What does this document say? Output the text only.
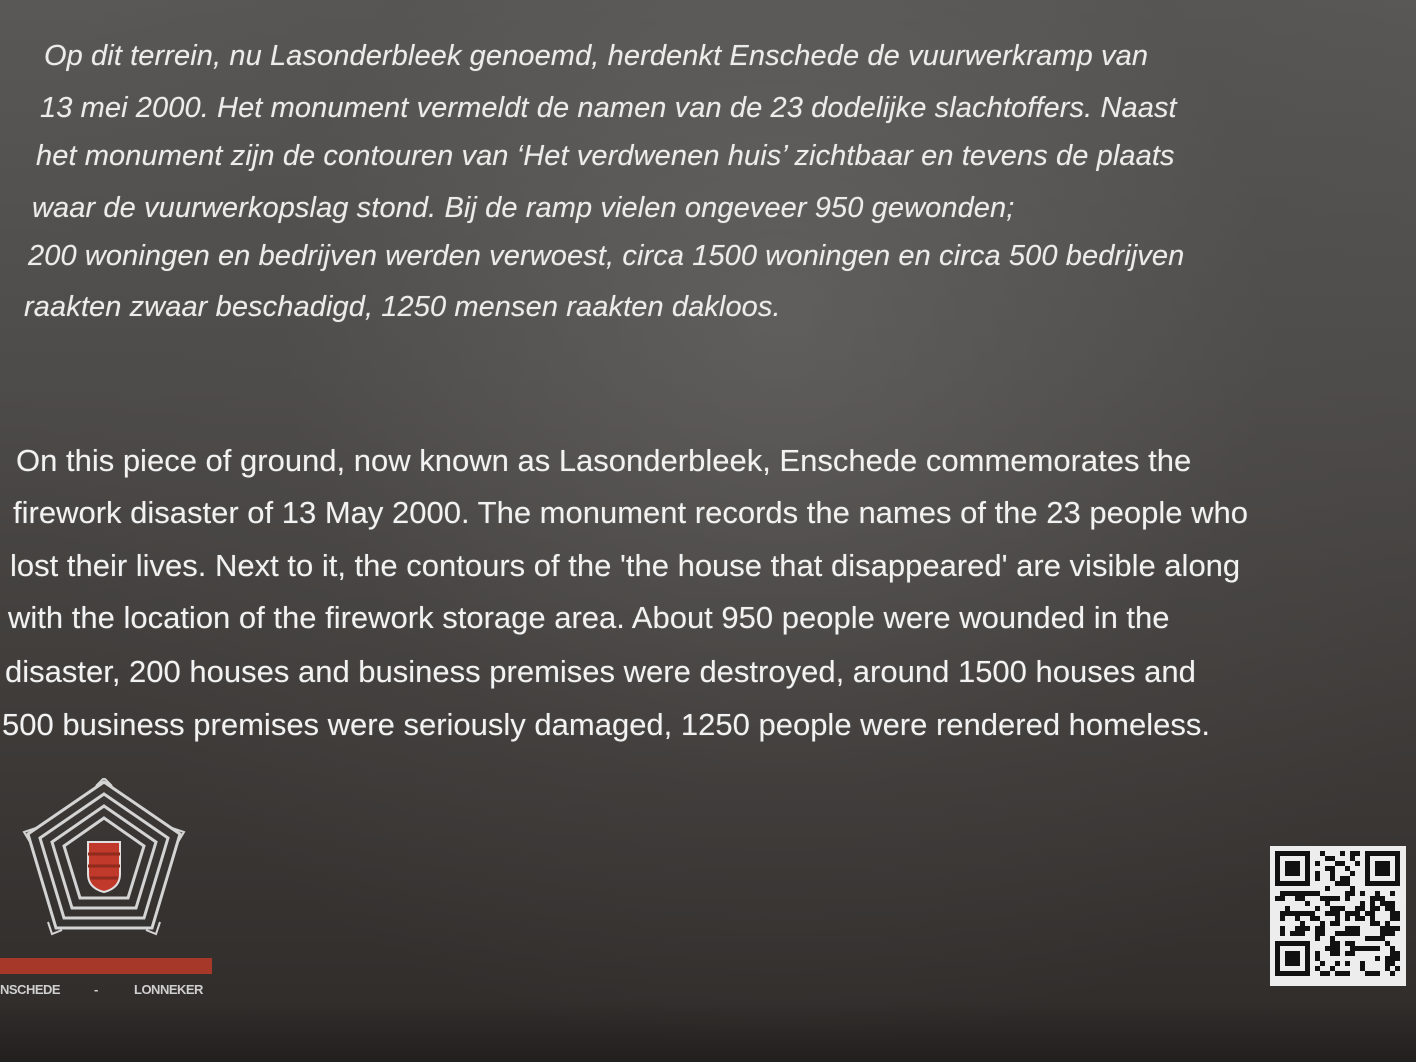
Op dit terrein, nu Lasonderbleek genoemd, herdenkt Enschede de vuurwerkramp van
13 mei 2000. Het monument vermeldt de namen van de 23 dodelijke slachtoffers. Naast
het monument zijn de contouren van ‘Het verdwenen huis’ zichtbaar en tevens de plaats
waar de vuurwerkopslag stond. Bij de ramp vielen ongeveer 950 gewonden;
200 woningen en bedrijven werden verwoest, circa 1500 woningen en circa 500 bedrijven
raakten zwaar beschadigd, 1250 mensen raakten dakloos.
On this piece of ground, now known as Lasonderbleek, Enschede commemorates the
firework disaster of 13 May 2000. The monument records the names of the 23 people who
lost their lives. Next to it, the contours of the 'the house that disappeared' are visible along
with the location of the firework storage area. About 950 people were wounded in the
disaster, 200 houses and business premises were destroyed, around 1500 houses and
500 business premises were seriously damaged, 1250 people were rendered homeless.
NSCHEDE	-	LONNEKER
